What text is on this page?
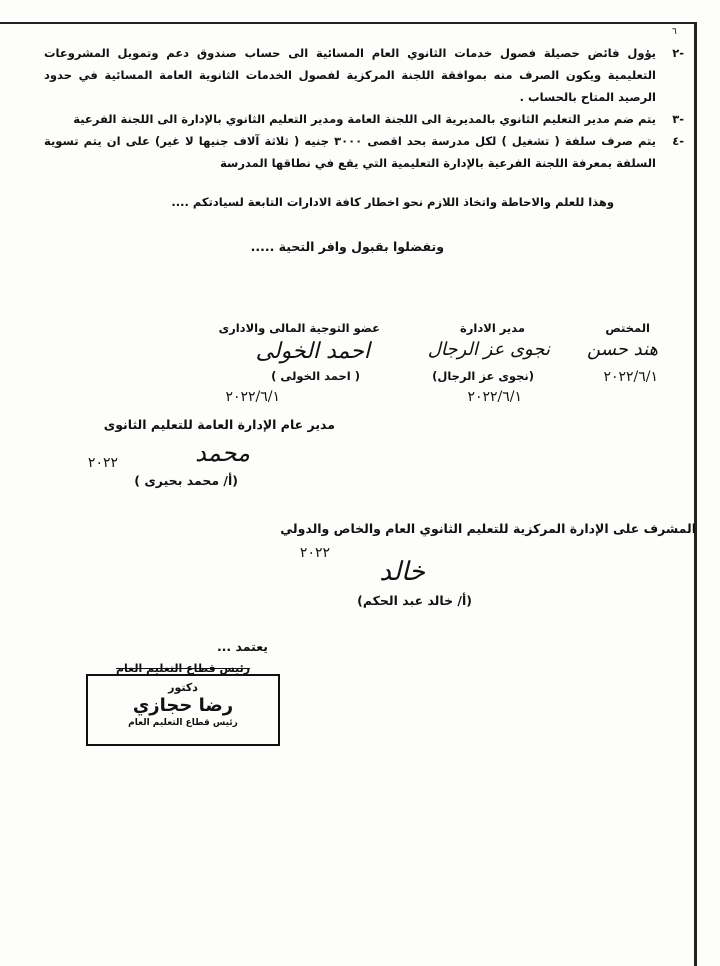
٦
-٢
يؤول فائض حصيلة فصول خدمات الثانوي العام المسائية الى حساب صندوق دعم وتمويل المشروعات التعليمية ويكون الصرف منه بموافقة اللجنة المركزية لفصول الخدمات الثانوية العامة المسائية في حدود الرصيد المتاح بالحساب .
-٣
يتم ضم مدير التعليم الثانوي بالمديرية الى اللجنة العامة ومدير التعليم الثانوي بالإدارة الى اللجنة الفرعية
-٤
يتم صرف سلفة ( تشغيل ) لكل مدرسة بحد اقصى ٣٠٠٠ جنيه ( ثلاثة آلاف جنيها لا غير) على ان يتم تسوية السلفة بمعرفة اللجنة الفرعية بالإدارة التعليمية التي يقع في نطاقها المدرسة
وهذا للعلم والاحاطة واتخاذ اللازم نحو اخطار كافة الادارات التابعة لسيادتكم ....
وتفضلوا بقبول وافر التحية .....
المختص
هند حسن
٢٠٢٢/٦/١
مدير الادارة
نجوى عز الرجال
(نجوى عز الرجال)
٢٠٢٢/٦/١
عضو التوجية المالى والادارى
احمد الخولى
( احمد الخولى )
٢٠٢٢/٦/١
مدير عام الإدارة العامة للتعليم الثانوى
محمد
٢٠٢٢
(أ/ محمد بحيرى )
المشرف على الإدارة المركزية للتعليم الثانوي العام والخاص والدولي
٢٠٢٢
خالد
(أ/ خالد عبد الحكم)
يعتمد ...
رئيس قطاع التعليم العام
دكتور
رضا حجازي
رئيس قطاع التعليم العام
